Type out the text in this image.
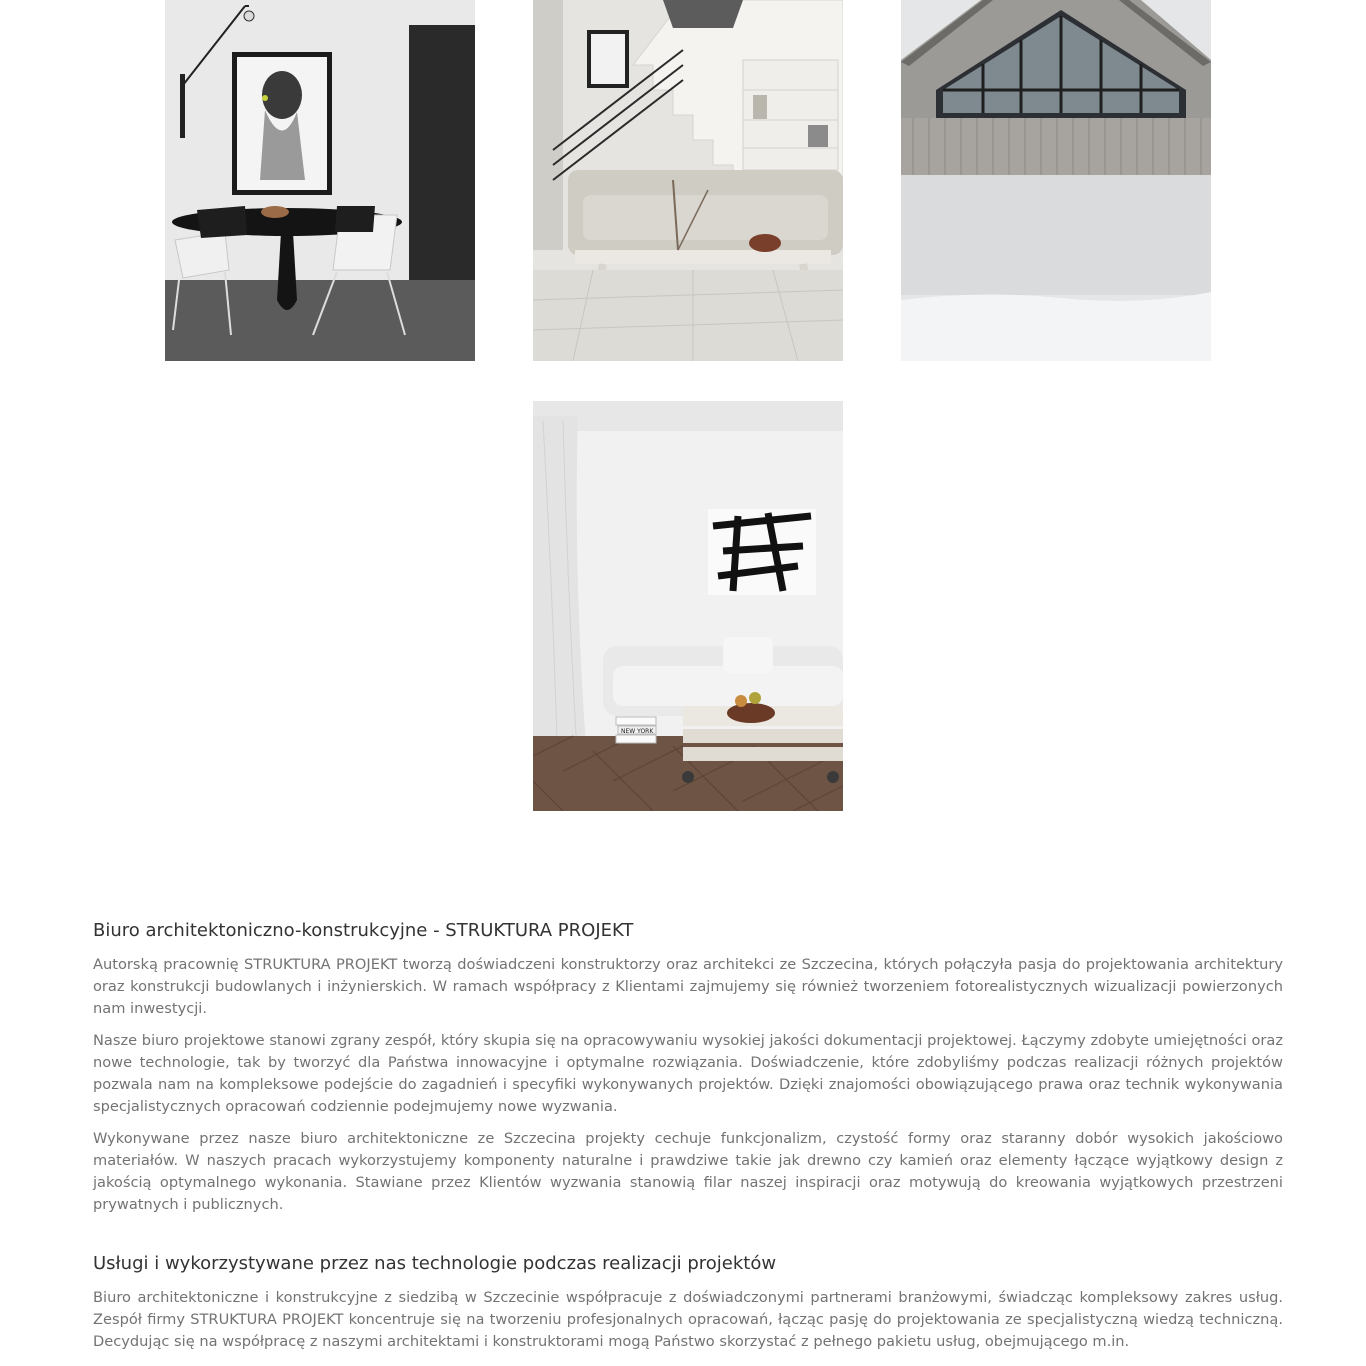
NEW YORK
Biuro architektoniczno-konstrukcyjne - STRUKTURA PROJEKT

Autorską pracownię STRUKTURA PROJEKT tworzą doświadczeni konstruktorzy oraz architekci ze Szczecina, których połączyła pasja do projektowania architektury oraz konstrukcji budowlanych i inżynierskich. W ramach współpracy z Klientami zajmujemy się również tworzeniem fotorealistycznych wizualizacji powierzonych nam inwestycji.

Nasze biuro projektowe stanowi zgrany zespół, który skupia się na opracowywaniu wysokiej jakości dokumentacji projektowej. Łączymy zdobyte umiejętności oraz nowe technologie, tak by tworzyć dla Państwa innowacyjne i optymalne rozwiązania. Doświadczenie, które zdobyliśmy podczas realizacji różnych projektów pozwala nam na kompleksowe podejście do zagadnień i specyfiki wykonywanych projektów. Dzięki znajomości obowiązującego prawa oraz technik wykonywania specjalistycznych opracowań codziennie podejmujemy nowe wyzwania.

Wykonywane przez nasze biuro architektoniczne ze Szczecina projekty cechuje funkcjonalizm, czystość formy oraz staranny dobór wysokich jakościowo materiałów. W naszych pracach wykorzystujemy komponenty naturalne i prawdziwe takie jak drewno czy kamień oraz elementy łączące wyjątkowy design z jakością optymalnego wykonania. Stawiane przez Klientów wyzwania stanowią filar naszej inspiracji oraz motywują do kreowania wyjątkowych przestrzeni prywatnych i publicznych.

Usługi i wykorzystywane przez nas technologie podczas realizacji projektów

Biuro architektoniczne i konstrukcyjne z siedzibą w Szczecinie współpracuje z doświadczonymi partnerami branżowymi, świadcząc kompleksowy zakres usług. Zespół firmy STRUKTURA PROJEKT koncentruje się na tworzeniu profesjonalnych opracowań, łącząc pasję do projektowania ze specjalistyczną wiedzą techniczną. Decydując się na współpracę z naszymi architektami i konstruktorami mogą Państwo skorzystać z pełnego pakietu usług, obejmującego m.in.
